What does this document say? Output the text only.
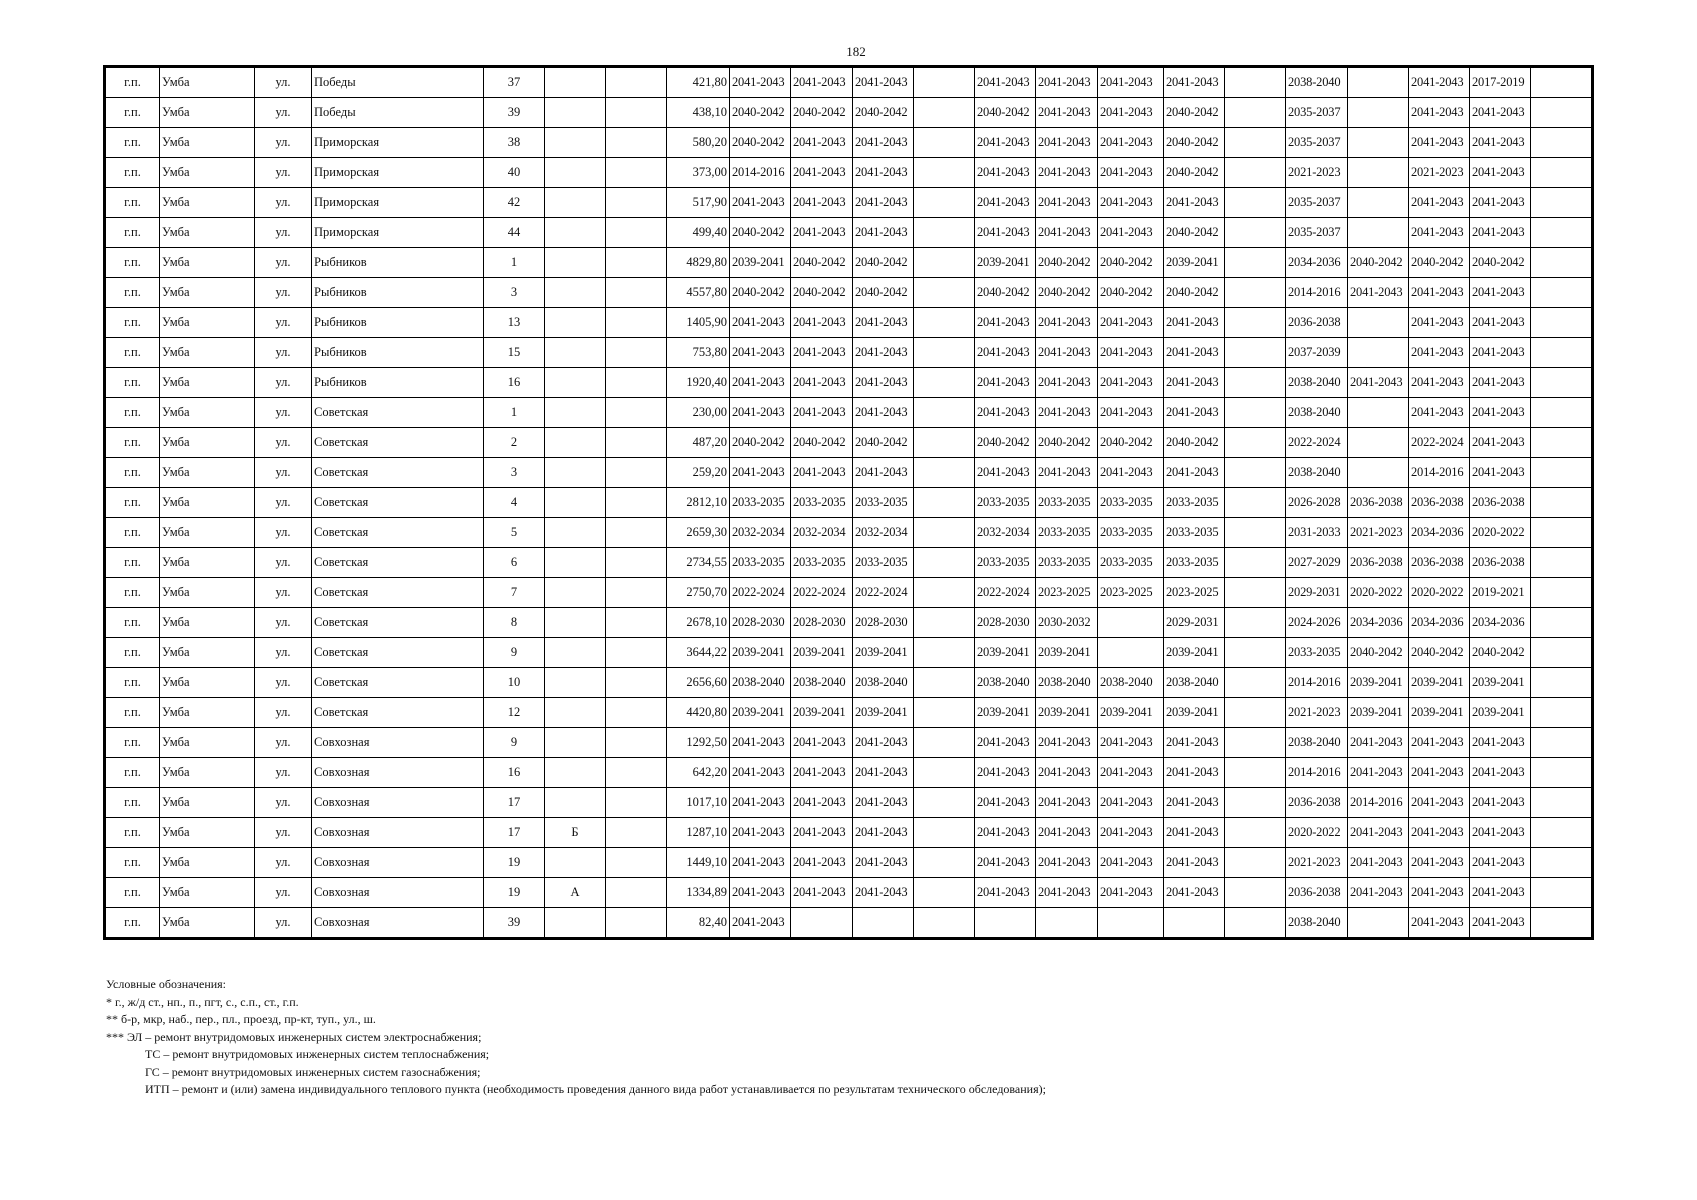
182
г.п.	Умба	ул.	Победы	37			421,80	2041-2043	2041-2043	2041-2043		2041-2043	2041-2043	2041-2043	2041-2043		2038-2040		2041-2043	2017-2019	
г.п.	Умба	ул.	Победы	39			438,10	2040-2042	2040-2042	2040-2042		2040-2042	2041-2043	2041-2043	2040-2042		2035-2037		2041-2043	2041-2043	
г.п.	Умба	ул.	Приморская	38			580,20	2040-2042	2041-2043	2041-2043		2041-2043	2041-2043	2041-2043	2040-2042		2035-2037		2041-2043	2041-2043	
г.п.	Умба	ул.	Приморская	40			373,00	2014-2016	2041-2043	2041-2043		2041-2043	2041-2043	2041-2043	2040-2042		2021-2023		2021-2023	2041-2043	
г.п.	Умба	ул.	Приморская	42			517,90	2041-2043	2041-2043	2041-2043		2041-2043	2041-2043	2041-2043	2041-2043		2035-2037		2041-2043	2041-2043	
г.п.	Умба	ул.	Приморская	44			499,40	2040-2042	2041-2043	2041-2043		2041-2043	2041-2043	2041-2043	2040-2042		2035-2037		2041-2043	2041-2043	
г.п.	Умба	ул.	Рыбников	1			4829,80	2039-2041	2040-2042	2040-2042		2039-2041	2040-2042	2040-2042	2039-2041		2034-2036	2040-2042	2040-2042	2040-2042	
г.п.	Умба	ул.	Рыбников	3			4557,80	2040-2042	2040-2042	2040-2042		2040-2042	2040-2042	2040-2042	2040-2042		2014-2016	2041-2043	2041-2043	2041-2043	
г.п.	Умба	ул.	Рыбников	13			1405,90	2041-2043	2041-2043	2041-2043		2041-2043	2041-2043	2041-2043	2041-2043		2036-2038		2041-2043	2041-2043	
г.п.	Умба	ул.	Рыбников	15			753,80	2041-2043	2041-2043	2041-2043		2041-2043	2041-2043	2041-2043	2041-2043		2037-2039		2041-2043	2041-2043	
г.п.	Умба	ул.	Рыбников	16			1920,40	2041-2043	2041-2043	2041-2043		2041-2043	2041-2043	2041-2043	2041-2043		2038-2040	2041-2043	2041-2043	2041-2043	
г.п.	Умба	ул.	Советская	1			230,00	2041-2043	2041-2043	2041-2043		2041-2043	2041-2043	2041-2043	2041-2043		2038-2040		2041-2043	2041-2043	
г.п.	Умба	ул.	Советская	2			487,20	2040-2042	2040-2042	2040-2042		2040-2042	2040-2042	2040-2042	2040-2042		2022-2024		2022-2024	2041-2043	
г.п.	Умба	ул.	Советская	3			259,20	2041-2043	2041-2043	2041-2043		2041-2043	2041-2043	2041-2043	2041-2043		2038-2040		2014-2016	2041-2043	
г.п.	Умба	ул.	Советская	4			2812,10	2033-2035	2033-2035	2033-2035		2033-2035	2033-2035	2033-2035	2033-2035		2026-2028	2036-2038	2036-2038	2036-2038	
г.п.	Умба	ул.	Советская	5			2659,30	2032-2034	2032-2034	2032-2034		2032-2034	2033-2035	2033-2035	2033-2035		2031-2033	2021-2023	2034-2036	2020-2022	
г.п.	Умба	ул.	Советская	6			2734,55	2033-2035	2033-2035	2033-2035		2033-2035	2033-2035	2033-2035	2033-2035		2027-2029	2036-2038	2036-2038	2036-2038	
г.п.	Умба	ул.	Советская	7			2750,70	2022-2024	2022-2024	2022-2024		2022-2024	2023-2025	2023-2025	2023-2025		2029-2031	2020-2022	2020-2022	2019-2021	
г.п.	Умба	ул.	Советская	8			2678,10	2028-2030	2028-2030	2028-2030		2028-2030	2030-2032		2029-2031		2024-2026	2034-2036	2034-2036	2034-2036	
г.п.	Умба	ул.	Советская	9			3644,22	2039-2041	2039-2041	2039-2041		2039-2041	2039-2041		2039-2041		2033-2035	2040-2042	2040-2042	2040-2042	
г.п.	Умба	ул.	Советская	10			2656,60	2038-2040	2038-2040	2038-2040		2038-2040	2038-2040	2038-2040	2038-2040		2014-2016	2039-2041	2039-2041	2039-2041	
г.п.	Умба	ул.	Советская	12			4420,80	2039-2041	2039-2041	2039-2041		2039-2041	2039-2041	2039-2041	2039-2041		2021-2023	2039-2041	2039-2041	2039-2041	
г.п.	Умба	ул.	Совхозная	9			1292,50	2041-2043	2041-2043	2041-2043		2041-2043	2041-2043	2041-2043	2041-2043		2038-2040	2041-2043	2041-2043	2041-2043	
г.п.	Умба	ул.	Совхозная	16			642,20	2041-2043	2041-2043	2041-2043		2041-2043	2041-2043	2041-2043	2041-2043		2014-2016	2041-2043	2041-2043	2041-2043	
г.п.	Умба	ул.	Совхозная	17			1017,10	2041-2043	2041-2043	2041-2043		2041-2043	2041-2043	2041-2043	2041-2043		2036-2038	2014-2016	2041-2043	2041-2043	
г.п.	Умба	ул.	Совхозная	17	Б		1287,10	2041-2043	2041-2043	2041-2043		2041-2043	2041-2043	2041-2043	2041-2043		2020-2022	2041-2043	2041-2043	2041-2043	
г.п.	Умба	ул.	Совхозная	19			1449,10	2041-2043	2041-2043	2041-2043		2041-2043	2041-2043	2041-2043	2041-2043		2021-2023	2041-2043	2041-2043	2041-2043	
г.п.	Умба	ул.	Совхозная	19	А		1334,89	2041-2043	2041-2043	2041-2043		2041-2043	2041-2043	2041-2043	2041-2043		2036-2038	2041-2043	2041-2043	2041-2043	
г.п.	Умба	ул.	Совхозная	39			82,40	2041-2043									2038-2040		2041-2043	2041-2043	
Условные обозначения:
* г., ж/д ст., нп., п., пгт, с., с.п., ст., г.п.
** б-р, мкр, наб., пер., пл., проезд, пр-кт, туп., ул., ш.
*** ЭЛ – ремонт внутридомовых инженерных систем электроснабжения;
ТС – ремонт внутридомовых инженерных систем теплоснабжения;
ГС – ремонт внутридомовых инженерных систем газоснабжения;
ИТП – ремонт и (или) замена индивидуального теплового пункта (необходимость проведения данного вида работ устанавливается по результатам технического обследования);
